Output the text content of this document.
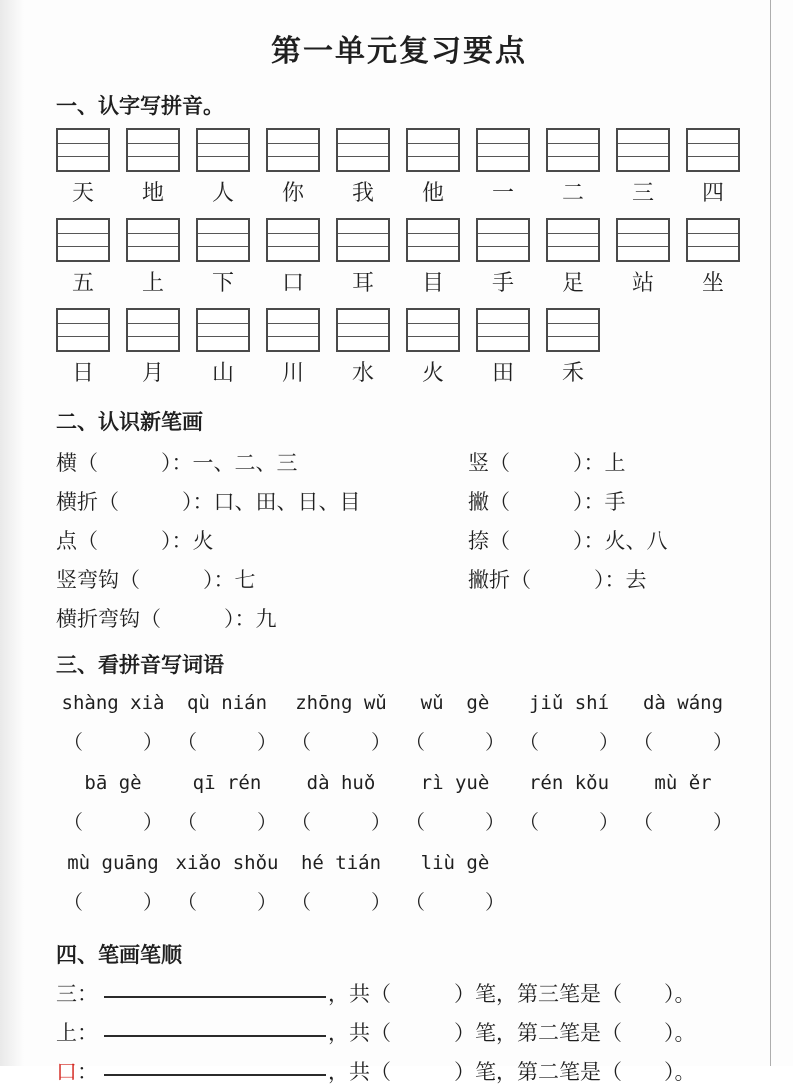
第一单元复习要点
一、认字写拼音。
天	地	人	你	我	他	一	二	三	四
五	上	下	口	耳	目	手	足	站	坐
日	月	山	川	水	火	田	禾
二、认识新笔画
横（　　　）：一、二、三	竖（　　　）：上
横折（　　　）：口、田、日、目	撇（　　　）：手
点（　　　）：火	捺（　　　）：火、八
竖弯钩（　　　）：七	撇折（　　　）：去
横折弯钩（　　　）：九
三、看拼音写词语
shàng xià
（　　　）
qù nián
（　　　）
zhōng wǔ
（　　　）
wǔ  gè
（　　　）
jiǔ shí
（　　　）
dà wáng
（　　　）
bā gè
（　　　）
qī rén
（　　　）
dà huǒ
（　　　）
rì yuè
（　　　）
rén kǒu
（　　　）
mù ěr
（　　　）
mù guāng
（　　　）
xiǎo shǒu
（　　　）
hé tián
（　　　）
liù gè
（　　　）
四、笔画笔顺
三：	，共（　　　）笔，第三笔是（　　）。
上：	，共（　　　）笔，第二笔是（　　）。
口：	，共（　　　）笔，第二笔是（　　）。
